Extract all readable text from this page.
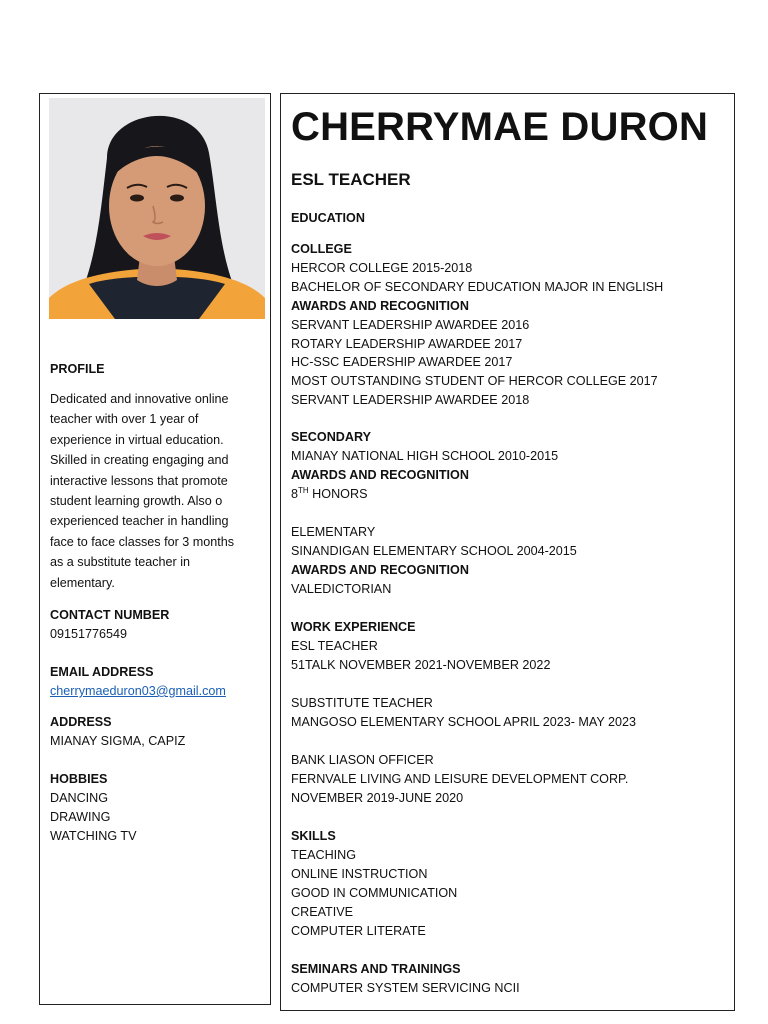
PROFILE
Dedicated and innovative online
teacher with over 1 year of
experience in virtual education.
Skilled in creating engaging and
interactive lessons that promote
student learning growth. Also o
experienced teacher in handling
face to face classes for 3 months
as a substitute teacher in
elementary.
CONTACT NUMBER
09151776549
EMAIL ADDRESS
cherrymaeduron03@gmail.com
ADDRESS
MIANAY SIGMA, CAPIZ
HOBBIES
DANCING
DRAWING
WATCHING TV
CHERRYMAE DURON
ESL TEACHER
EDUCATION
COLLEGE
HERCOR COLLEGE 2015-2018
BACHELOR OF SECONDARY EDUCATION MAJOR IN ENGLISH
AWARDS AND RECOGNITION
SERVANT LEADERSHIP AWARDEE 2016
ROTARY LEADERSHIP AWARDEE 2017
HC-SSC EADERSHIP AWARDEE 2017
MOST OUTSTANDING STUDENT OF HERCOR COLLEGE 2017
SERVANT LEADERSHIP AWARDEE 2018
SECONDARY
MIANAY NATIONAL HIGH SCHOOL 2010-2015
AWARDS AND RECOGNITION
8TH HONORS
ELEMENTARY
SINANDIGAN ELEMENTARY SCHOOL 2004-2015
AWARDS AND RECOGNITION
VALEDICTORIAN
WORK EXPERIENCE
ESL TEACHER
51TALK NOVEMBER 2021-NOVEMBER 2022
SUBSTITUTE TEACHER
MANGOSO ELEMENTARY SCHOOL APRIL 2023- MAY 2023
BANK LIASON OFFICER
FERNVALE LIVING AND LEISURE DEVELOPMENT CORP.
NOVEMBER 2019-JUNE 2020
SKILLS
TEACHING
ONLINE INSTRUCTION
GOOD IN COMMUNICATION
CREATIVE
COMPUTER LITERATE
SEMINARS AND TRAININGS
COMPUTER SYSTEM SERVICING NCII
